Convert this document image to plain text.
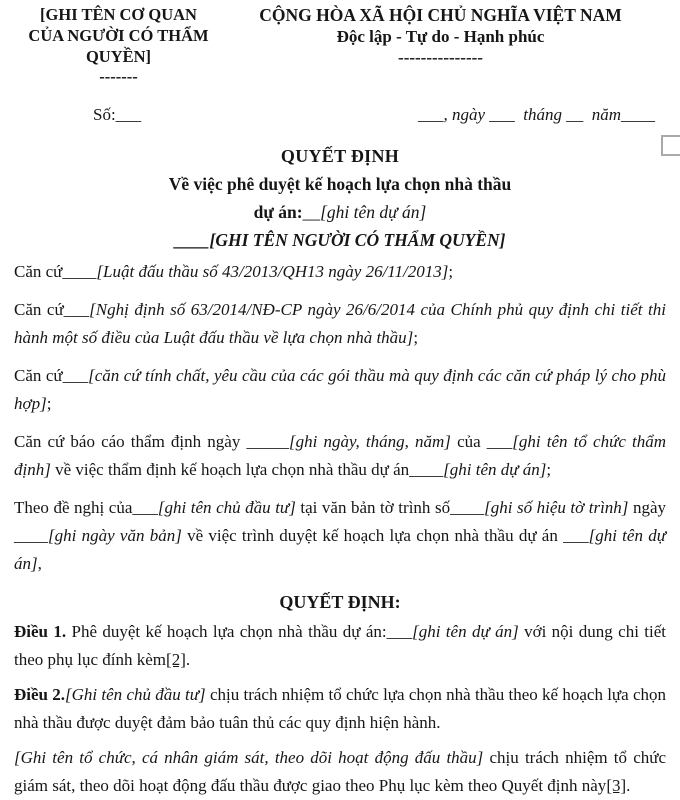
[GHI TÊN CƠ QUAN
CỦA NGƯỜI CÓ THẨM
QUYỀN]
-------
CỘNG HÒA XÃ HỘI CHỦ NGHĨA VIỆT NAM
Độc lập - Tự do - Hạnh phúc
---------------
Số:___	___, ngày ___  tháng __  năm____
QUYẾT ĐỊNH
Về việc phê duyệt kế hoạch lựa chọn nhà thầu
dự án:__[ghi tên dự án]
____[GHI TÊN NGƯỜI CÓ THẨM QUYỀN]

Căn cứ____[Luật đấu thầu số 43/2013/QH13 ngày 26/11/2013];

Căn cứ___[Nghị định số 63/2014/NĐ-CP ngày 26/6/2014 của Chính phủ quy định chi tiết thi hành một số điều của Luật đấu thầu về lựa chọn nhà thầu];

Căn cứ___[căn cứ tính chất, yêu cầu của các gói thầu mà quy định các căn cứ pháp lý cho phù hợp];

Căn cứ báo cáo thẩm định ngày _____[ghi ngày, tháng, năm] của ___[ghi tên tổ chức thẩm định] về việc thẩm định kế hoạch lựa chọn nhà thầu dự án____[ghi tên dự án];

Theo đề nghị của___[ghi tên chủ đầu tư] tại văn bản tờ trình số____[ghi số hiệu tờ trình] ngày ____[ghi ngày văn bản] về việc trình duyệt kế hoạch lựa chọn nhà thầu dự án ___[ghi tên dự án],

QUYẾT ĐỊNH:

Điều 1. Phê duyệt kế hoạch lựa chọn nhà thầu dự án:___[ghi tên dự án] với nội dung chi tiết theo phụ lục đính kèm[2].

Điều 2.[Ghi tên chủ đầu tư] chịu trách nhiệm tổ chức lựa chọn nhà thầu theo kế hoạch lựa chọn nhà thầu được duyệt đảm bảo tuân thủ các quy định hiện hành.

[Ghi tên tổ chức, cá nhân giám sát, theo dõi hoạt động đấu thầu] chịu trách nhiệm tổ chức giám sát, theo dõi hoạt động đấu thầu được giao theo Phụ lục kèm theo Quyết định này[3].
